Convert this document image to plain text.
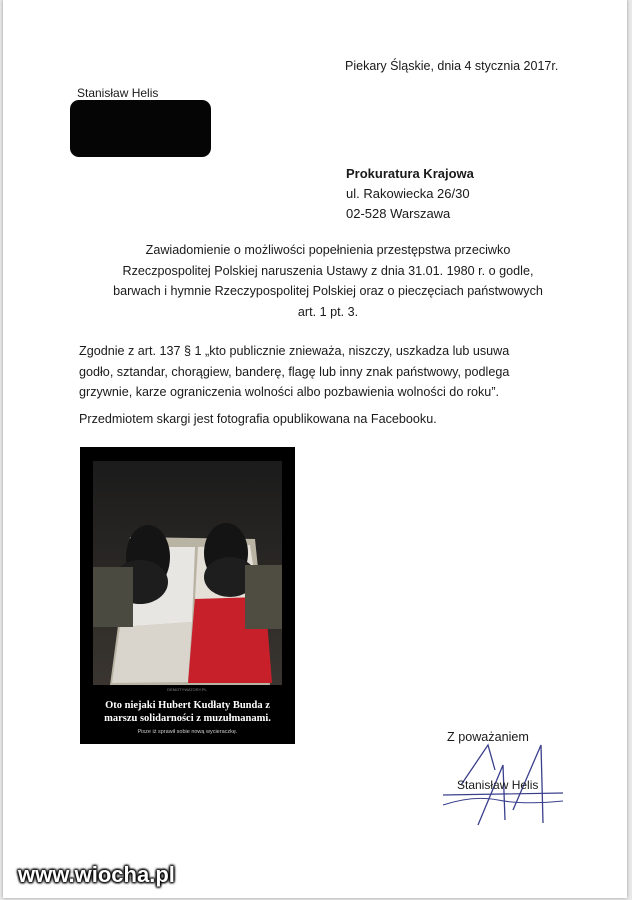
Piekary Śląskie, dnia 4 stycznia 2017r.
Stanisław Helis
Prokuratura Krajowa
ul. Rakowiecka 26/30
02-528 Warszawa
Zawiadomienie o możliwości popełnienia przestępstwa przeciwko
Rzeczpospolitej Polskiej naruszenia Ustawy z dnia 31.01. 1980 r. o godle,
barwach i hymnie Rzeczypospolitej Polskiej oraz o pieczęciach państwowych
art. 1 pt. 3.
Zgodnie z art. 137 § 1 „kto publicznie znieważa, niszczy, uszkadza lub usuwa
godło, sztandar, chorągiew, banderę, flagę lub inny znak państwowy, podlega
grzywnie, karze ograniczenia wolności albo pozbawienia wolności do roku”.
Przedmiotem skargi jest fotografia opublikowana na Facebooku.
DEMOTYWATORY.PL
Oto niejaki Hubert Kudłaty Bunda z
marszu solidarności z muzułmanami.
Pisze iż sprawił sobie nową wycieraczkę.	Z poważaniem
Stanisław Helis
www.wiocha.pl
